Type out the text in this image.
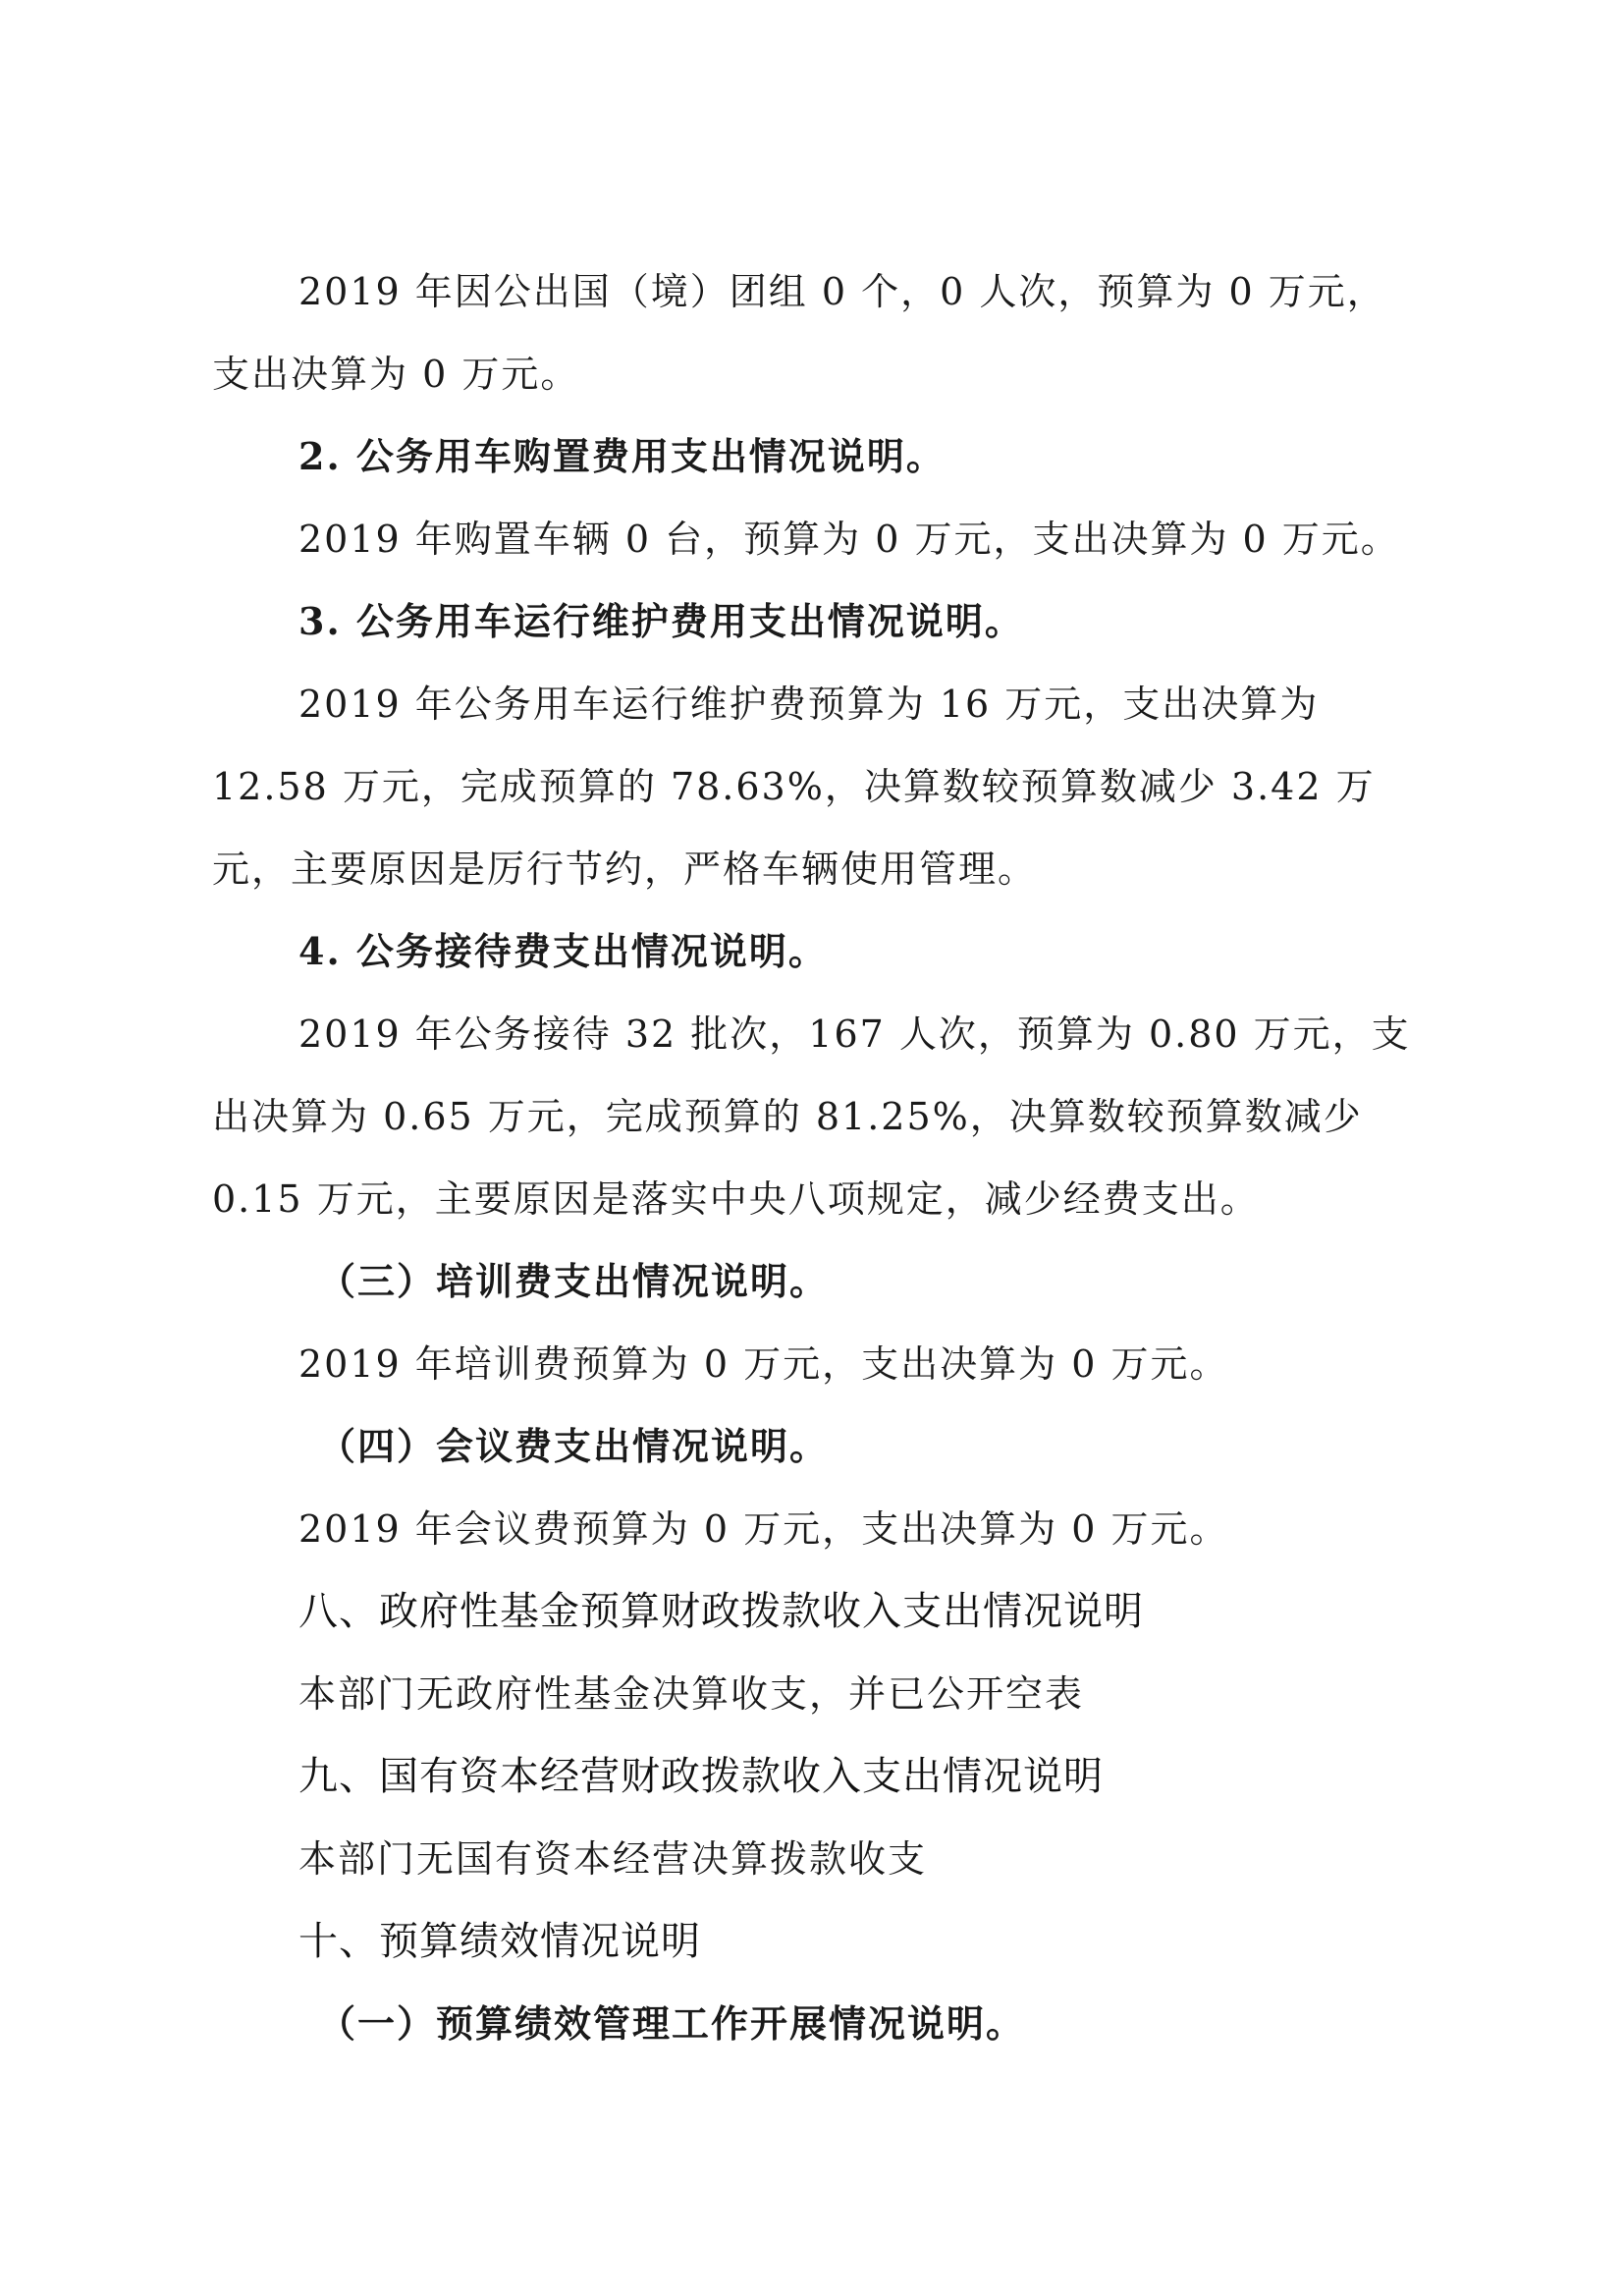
2019 年因公出国（境）团组 0 个，0 人次，预算为 0 万元，
支出决算为 0 万元。
2. 公务用车购置费用支出情况说明。
2019 年购置车辆 0 台，预算为 0 万元，支出决算为 0 万元。
3. 公务用车运行维护费用支出情况说明。
2019 年公务用车运行维护费预算为 16 万元，支出决算为
12.58 万元，完成预算的 78.63%，决算数较预算数减少 3.42 万
元，主要原因是厉行节约，严格车辆使用管理。
4. 公务接待费支出情况说明。
2019 年公务接待 32 批次，167 人次，预算为 0.80 万元，支
出决算为 0.65 万元，完成预算的 81.25%，决算数较预算数减少
0.15 万元，主要原因是落实中央八项规定，减少经费支出。
（三）培训费支出情况说明。
2019 年培训费预算为 0 万元，支出决算为 0 万元。
（四）会议费支出情况说明。
2019 年会议费预算为 0 万元，支出决算为 0 万元。
八、政府性基金预算财政拨款收入支出情况说明
本部门无政府性基金决算收支，并已公开空表
九、国有资本经营财政拨款收入支出情况说明
本部门无国有资本经营决算拨款收支
十、预算绩效情况说明
（一）预算绩效管理工作开展情况说明。
